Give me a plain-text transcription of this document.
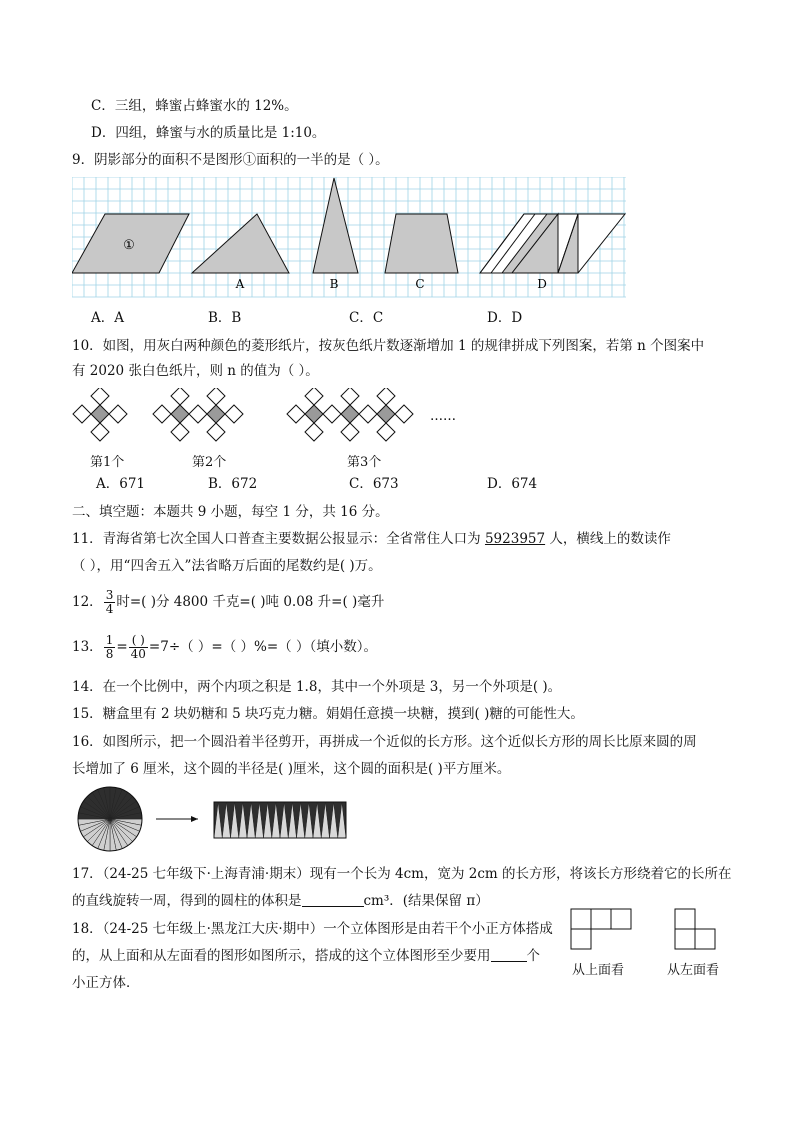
C．三组，蜂蜜占蜂蜜水的 12%。
D．四组，蜂蜜与水的质量比是 1:10。
9．阴影部分的面积不是图形①面积的一半的是（ ）。
①
A	B	C	D
A．A	B．B	C．C	D．D
10．如图，用灰白两种颜色的菱形纸片，按灰色纸片数逐渐增加 1 的规律拼成下列图案，若第 n 个图案中
有 2020 张白色纸片，则 n 的值为（ ）。
……
第1个	第2个	第3个
A．671	B．672	C．673	D．674
二、填空题：本题共 9 小题，每空 1 分，共 16 分。
11．青海省第七次全国人口普查主要数据公报显示：全省常住人口为 5923957 人，横线上的数读作
（ ），用“四舍五入”法省略万后面的尾数约是( )万。
12． $\frac{3}{4}$ 时=( )分 4800 千克=( )吨 0.08 升=( )毫升
13． $\frac{1}{8} = \frac{( )}{40} =7\div$（ ）=（ ）%=（ ）（填小数）。
14．在一个比例中，两个内项之积是 1.8，其中一个外项是 3，另一个外项是( )。
15．糖盒里有 2 块奶糖和 5 块巧克力糖。娟娟任意摸一块糖，摸到( )糖的可能性大。
16．如图所示，把一个圆沿着半径剪开，再拼成一个近似的长方形。这个近似长方形的周长比原来圆的周
长增加了 6 厘米，这个圆的半径是( )厘米，这个圆的面积是( )平方厘米。
17．（24-25 七年级下·上海青浦·期末）现有一个长为 4cm，宽为 2cm 的长方形，将该长方形绕着它的长所在
的直线旋转一周，得到的圆柱的体积是	cm³．(结果保留 π）
18．（24-25 七年级上·黑龙江大庆·期中）一个立体图形是由若干个小正方体搭成
的，从上面和从左面看的图形如图所示，搭成的这个立体图形至少要用	个
小正方体．
从上面看	从左面看
